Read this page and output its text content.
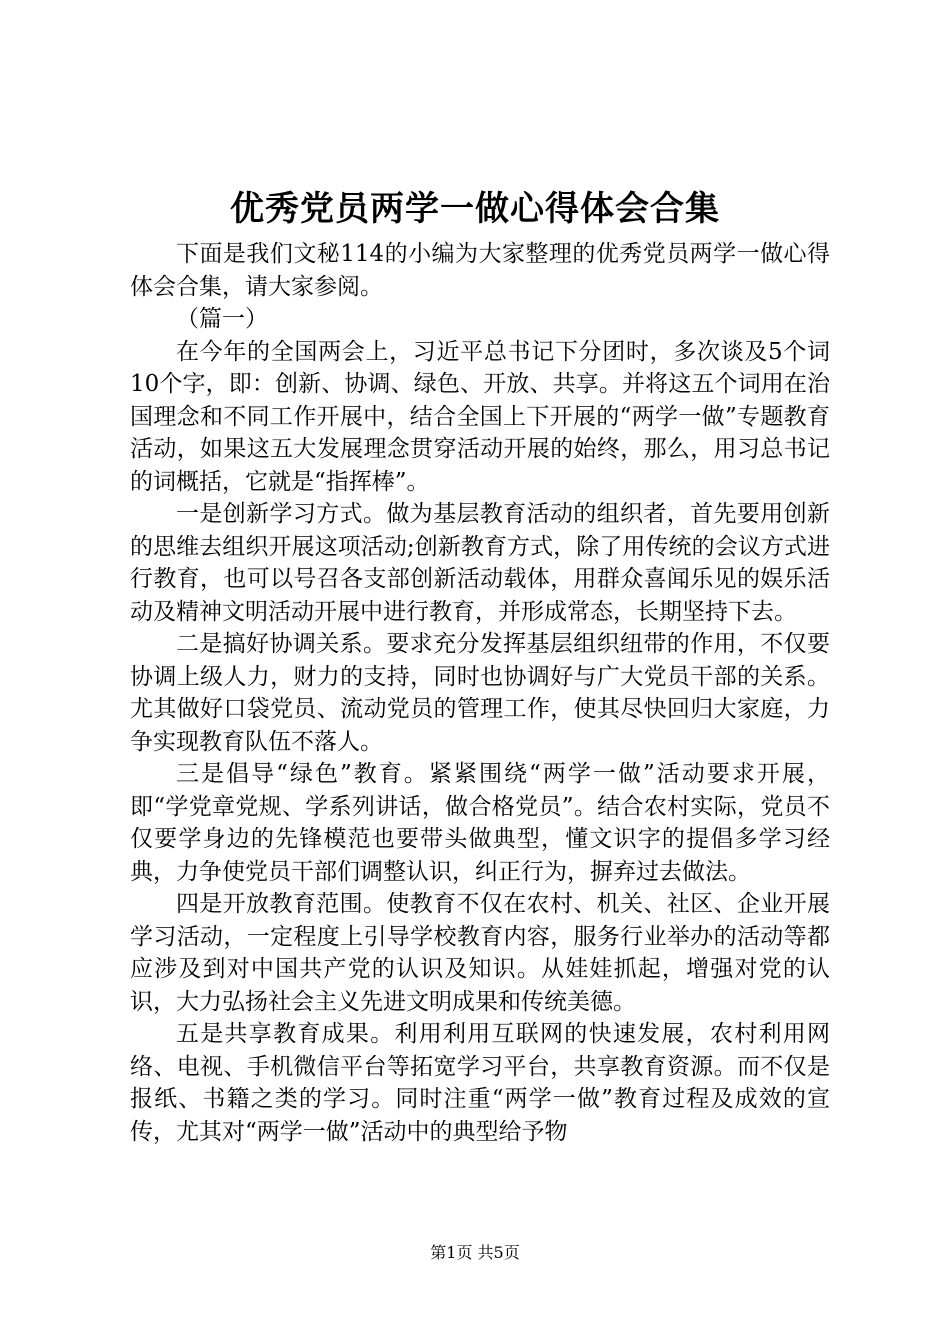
优秀党员两学一做心得体会合集

下面是我们文秘114的小编为大家整理的优秀党员两学一做心得体会合集，请大家参阅。

（篇一）

在今年的全国两会上，习近平总书记下分团时，多次谈及5个词10个字，即：创新、协调、绿色、开放、共享。并将这五个词用在治国理念和不同工作开展中，结合全国上下开展的“两学一做”专题教育活动，如果这五大发展理念贯穿活动开展的始终，那么，用习总书记的词概括，它就是“指挥棒”。

一是创新学习方式。做为基层教育活动的组织者，首先要用创新的思维去组织开展这项活动;创新教育方式，除了用传统的会议方式进行教育，也可以号召各支部创新活动载体，用群众喜闻乐见的娱乐活动及精神文明活动开展中进行教育，并形成常态，长期坚持下去。

二是搞好协调关系。要求充分发挥基层组织纽带的作用，不仅要协调上级人力，财力的支持，同时也协调好与广大党员干部的关系。尤其做好口袋党员、流动党员的管理工作，使其尽快回归大家庭，力争实现教育队伍不落人。

三是倡导“绿色”教育。紧紧围绕“两学一做”活动要求开展，即“学党章党规、学系列讲话，做合格党员”。结合农村实际，党员不仅要学身边的先锋模范也要带头做典型，懂文识字的提倡多学习经典，力争使党员干部们调整认识，纠正行为，摒弃过去做法。

四是开放教育范围。使教育不仅在农村、机关、社区、企业开展学习活动，一定程度上引导学校教育内容，服务行业举办的活动等都应涉及到对中国共产党的认识及知识。从娃娃抓起，增强对党的认识，大力弘扬社会主义先进文明成果和传统美德。

五是共享教育成果。利用利用互联网的快速发展，农村利用网络、电视、手机微信平台等拓宽学习平台，共享教育资源。而不仅是报纸、书籍之类的学习。同时注重“两学一做”教育过程及成效的宣传，尤其对“两学一做”活动中的典型给予物

第1页 共5页
